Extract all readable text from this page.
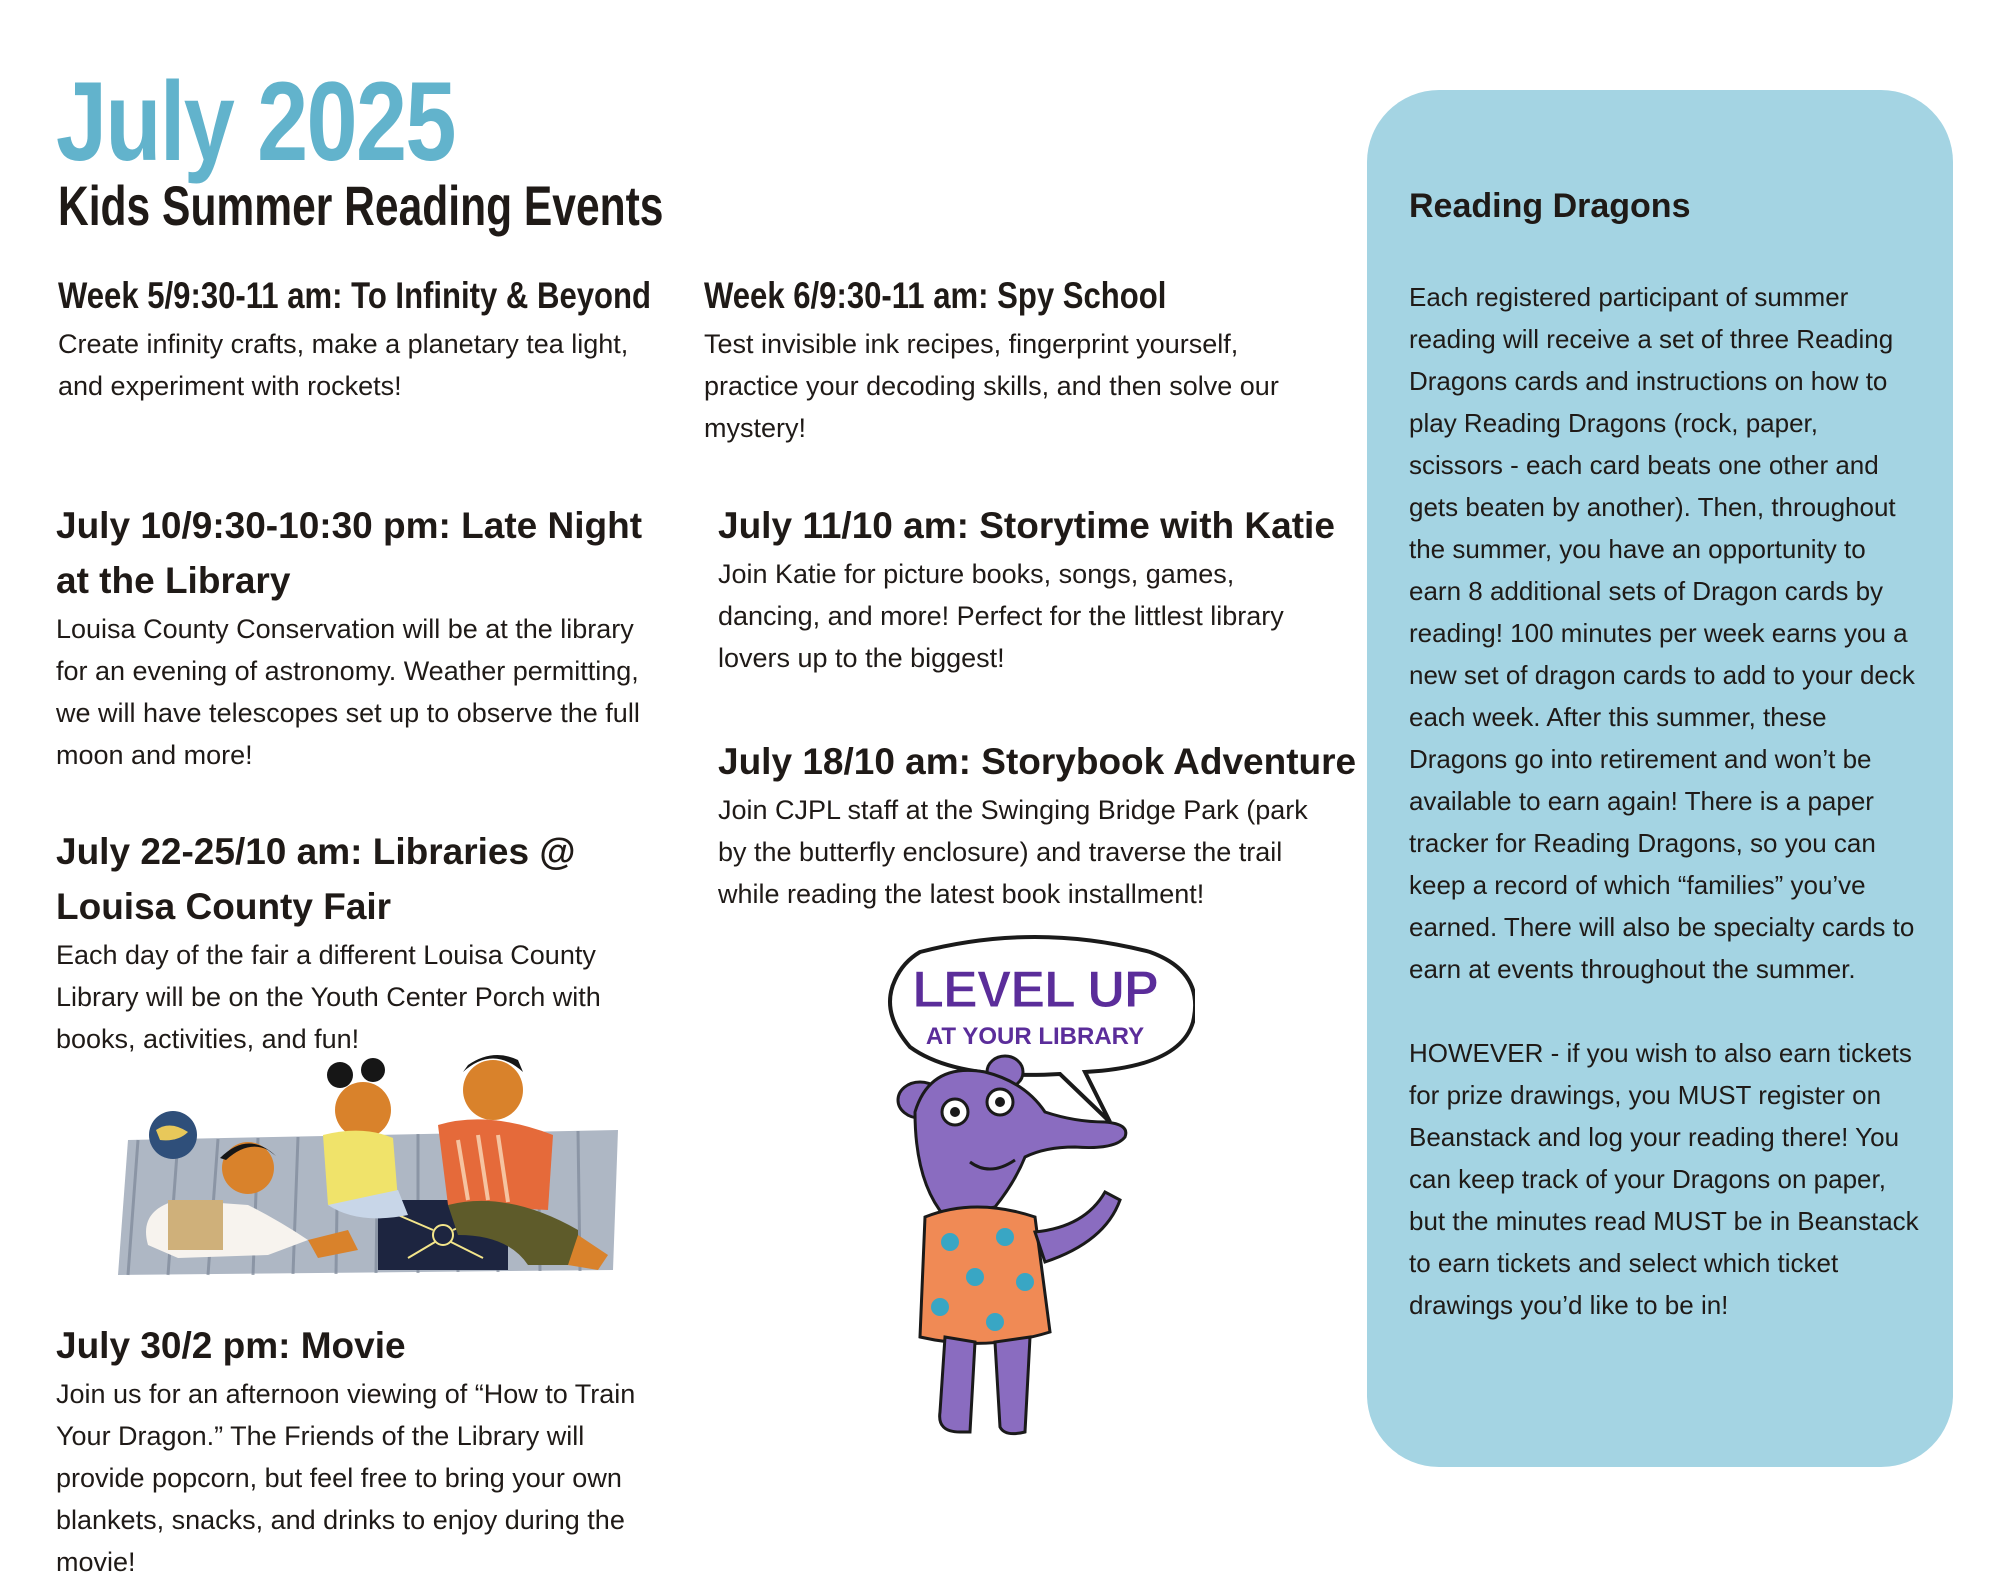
July 2025
Kids Summer Reading Events
Week 5/9:30-11 am: To Infinity & Beyond
Create infinity crafts, make a planetary tea light, and experiment with rockets!
Week 6/9:30-11 am: Spy School
Test invisible ink recipes, fingerprint yourself, practice your decoding skills, and then solve our mystery!
July 10/9:30-10:30 pm: Late Night at the Library
Louisa County Conservation will be at the library for an evening of astronomy. Weather permitting, we will have telescopes set up to observe the full moon and more!
July 11/10 am: Storytime with Katie
Join Katie for picture books, songs, games, dancing, and more! Perfect for the littlest library lovers up to the biggest!
July 18/10 am: Storybook Adventure
Join CJPL staff at the Swinging Bridge Park (park by the butterfly enclosure) and traverse the trail while reading the latest book installment!
July 22-25/10 am: Libraries @ Louisa County Fair
Each day of the fair a different Louisa County Library will be on the Youth Center Porch with books, activities, and fun!
July 30/2 pm: Movie
Join us for an afternoon viewing of “How to Train Your Dragon.” The Friends of the Library will provide popcorn, but feel free to bring your own blankets, snacks, and drinks to enjoy during the movie!
LEVEL UP
AT YOUR LIBRARY
Reading Dragons

Each registered participant of summer reading will receive a set of three Reading Dragons cards and instructions on how to play Reading Dragons (rock, paper, scissors - each card beats one other and gets beaten by another). Then, throughout the summer, you have an opportunity to earn 8 additional sets of Dragon cards by reading! 100 minutes per week earns you a new set of dragon cards to add to your deck each week. After this summer, these Dragons go into retirement and won’t be available to earn again! There is a paper tracker for Reading Dragons, so you can keep a record of which “families” you’ve earned. There will also be specialty cards to earn at events throughout the summer.

HOWEVER - if you wish to also earn tickets for prize drawings, you MUST register on Beanstack and log your reading there! You can keep track of your Dragons on paper, but the minutes read MUST be in Beanstack to earn tickets and select which ticket drawings you’d like to be in!
